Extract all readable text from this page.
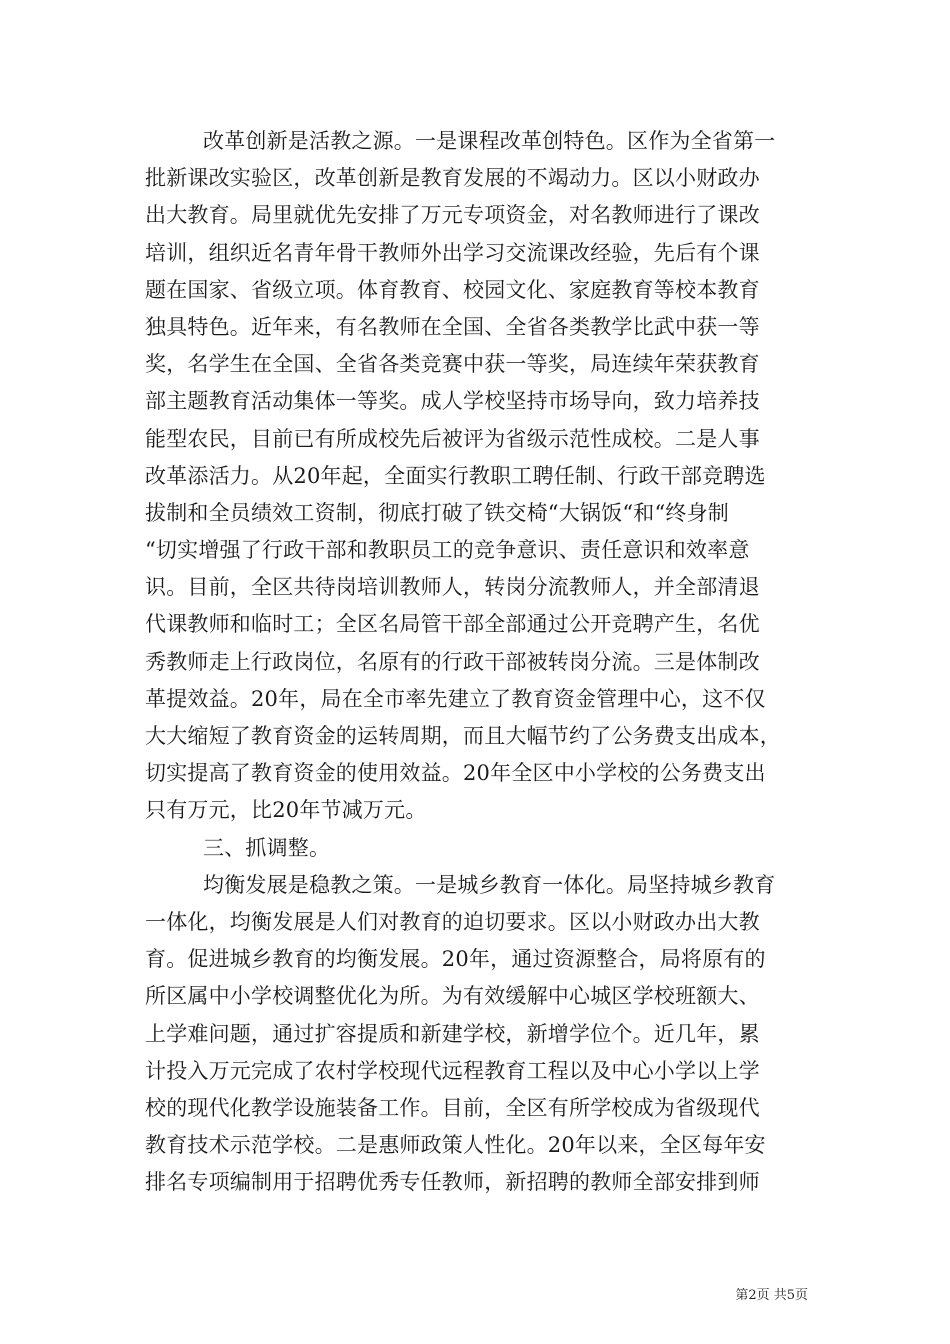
改革创新是活教之源。一是课程改革创特色。区作为全省第一
批新课改实验区，改革创新是教育发展的不竭动力。区以小财政办
出大教育。局里就优先安排了万元专项资金，对名教师进行了课改
培训，组织近名青年骨干教师外出学习交流课改经验，先后有个课
题在国家、省级立项。体育教育、校园文化、家庭教育等校本教育
独具特色。近年来，有名教师在全国、全省各类教学比武中获一等
奖，名学生在全国、全省各类竞赛中获一等奖，局连续年荣获教育
部主题教育活动集体一等奖。成人学校坚持市场导向，致力培养技
能型农民，目前已有所成校先后被评为省级示范性成校。二是人事
改革添活力。从20年起，全面实行教职工聘任制、行政干部竞聘选
拔制和全员绩效工资制，彻底打破了铁交椅“大锅饭“和“终身制
“切实增强了行政干部和教职员工的竞争意识、责任意识和效率意
识。目前，全区共待岗培训教师人，转岗分流教师人，并全部清退
代课教师和临时工；全区名局管干部全部通过公开竞聘产生，名优
秀教师走上行政岗位，名原有的行政干部被转岗分流。三是体制改
革提效益。20年，局在全市率先建立了教育资金管理中心，这不仅
大大缩短了教育资金的运转周期，而且大幅节约了公务费支出成本，
切实提高了教育资金的使用效益。20年全区中小学校的公务费支出
只有万元，比20年节减万元。
三、抓调整。
均衡发展是稳教之策。一是城乡教育一体化。局坚持城乡教育
一体化，均衡发展是人们对教育的迫切要求。区以小财政办出大教
育。促进城乡教育的均衡发展。20年，通过资源整合，局将原有的
所区属中小学校调整优化为所。为有效缓解中心城区学校班额大、
上学难问题，通过扩容提质和新建学校，新增学位个。近几年，累
计投入万元完成了农村学校现代远程教育工程以及中心小学以上学
校的现代化教学设施装备工作。目前，全区有所学校成为省级现代
教育技术示范学校。二是惠师政策人性化。20年以来，全区每年安
排名专项编制用于招聘优秀专任教师，新招聘的教师全部安排到师
第2页 共5页
